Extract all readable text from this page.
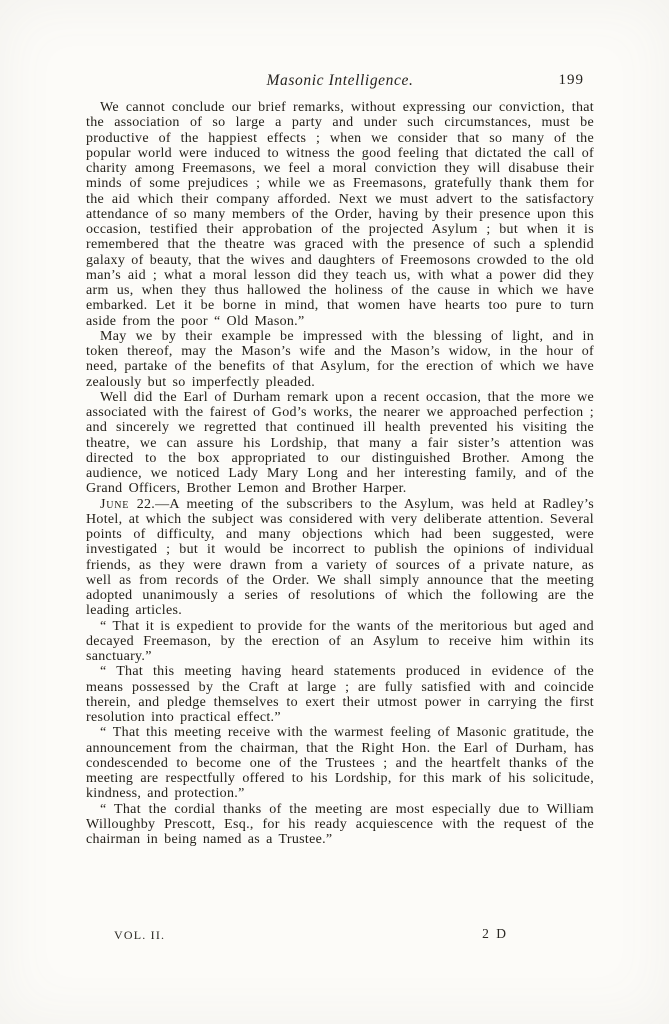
Masonic Intelligence.	199

We cannot conclude our brief remarks, without expressing our conviction, that the association of so large a party and under such circumstances, must be productive of the happiest effects ; when we consider that so many of the popular world were induced to witness the good feeling that dictated the call of charity among Freemasons, we feel a moral conviction they will disabuse their minds of some prejudices ; while we as Freemasons, gratefully thank them for the aid which their company afforded. Next we must advert to the satisfactory attendance of so many members of the Order, having by their presence upon this occasion, testified their approbation of the projected Asylum ; but when it is remembered that the theatre was graced with the presence of such a splendid galaxy of beauty, that the wives and daughters of Freemosons crowded to the old man’s aid ; what a moral lesson did they teach us, with what a power did they arm us, when they thus hallowed the holiness of the cause in which we have embarked. Let it be borne in mind, that women have hearts too pure to turn aside from the poor “ Old Mason.”

May we by their example be impressed with the blessing of light, and in token thereof, may the Mason’s wife and the Mason’s widow, in the hour of need, partake of the benefits of that Asylum, for the erection of which we have zealously but so imperfectly pleaded.

Well did the Earl of Durham remark upon a recent occasion, that the more we associated with the fairest of God’s works, the nearer we approached perfection ; and sincerely we regretted that continued ill health prevented his visiting the theatre, we can assure his Lordship, that many a fair sister’s attention was directed to the box appropriated to our distinguished Brother. Among the audience, we noticed Lady Mary Long and her interesting family, and of the Grand Officers, Brother Lemon and Brother Harper.

June 22.—A meeting of the subscribers to the Asylum, was held at Radley’s Hotel, at which the subject was considered with very deliberate attention. Several points of difficulty, and many objections which had been suggested, were investigated ; but it would be incorrect to publish the opinions of individual friends, as they were drawn from a variety of sources of a private nature, as well as from records of the Order. We shall simply announce that the meeting adopted unanimously a series of resolutions of which the following are the leading articles.

“ That it is expedient to provide for the wants of the meritorious but aged and decayed Freemason, by the erection of an Asylum to receive him within its sanctuary.”

“ That this meeting having heard statements produced in evidence of the means possessed by the Craft at large ; are fully satisfied with and coincide therein, and pledge themselves to exert their utmost power in carrying the first resolution into practical effect.”

“ That this meeting receive with the warmest feeling of Masonic gratitude, the announcement from the chairman, that the Right Hon. the Earl of Durham, has condescended to become one of the Trustees ; and the heartfelt thanks of the meeting are respectfully offered to his Lordship, for this mark of his solicitude, kindness, and protection.”

“ That the cordial thanks of the meeting are most especially due to William Willoughby Prescott, Esq., for his ready acquiescence with the request of the chairman in being named as a Trustee.”

VOL. II.	2 D
